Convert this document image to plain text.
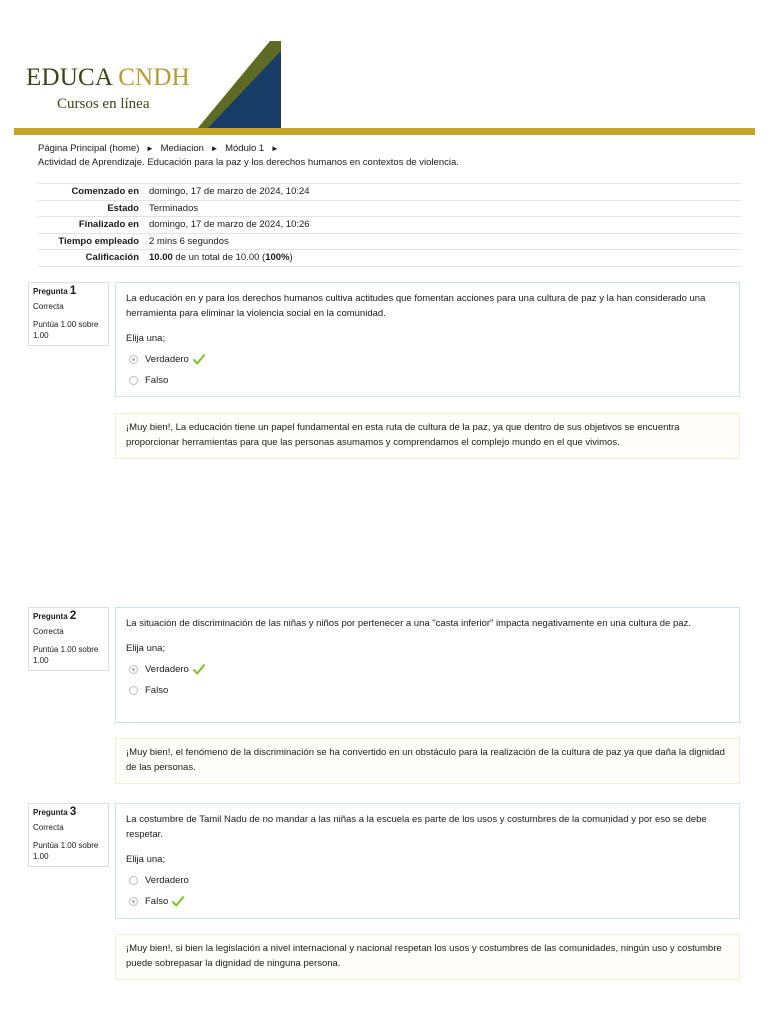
EDUCA CNDH
Cursos en línea
Página Principal (home) ► Mediacion ► Módulo 1 ►
Actividad de Aprendizaje. Educación para la paz y los derechos humanos en contextos de violencia.
Comenzado en	domingo, 17 de marzo de 2024, 10:24
Estado	Terminados
Finalizado en	domingo, 17 de marzo de 2024, 10:26
Tiempo empleado	2 mins 6 segundos
Calificación	10.00 de un total de 10.00 (100%)
Pregunta 1
Correcta
Puntúa 1.00 sobre 1.00
La educación en y para los derechos humanos cultiva actitudes que fomentan acciones para una cultura de paz y la han considerado una herramienta para eliminar la violencia social en la comunidad.
Elija una;
Verdadero
Falso
¡Muy bien!, La educación tiene un papel fundamental en esta ruta de cultura de la paz, ya que dentro de sus objetivos se encuentra proporcionar herramientas para que las personas asumamos y comprendamos el complejo mundo en el que vivimos.
Pregunta 2
Correcta
Puntúa 1.00 sobre 1.00
La situación de discriminación de las niñas y niños por pertenecer a una "casta inferior" impacta negativamente en una cultura de paz.
Elija una;
Verdadero
Falso
¡Muy bien!, el fenómeno de la discriminación se ha convertido en un obstáculo para la realización de la cultura de paz ya que daña la dignidad de las personas.
Pregunta 3
Correcta
Puntúa 1.00 sobre 1.00
La costumbre de Tamil Nadu de no mandar a las niñas a la escuela es parte de los usos y costumbres de la comunidad y por eso se debe respetar.
Elija una;
Verdadero
Falso
¡Muy bien!, si bien la legislación a nivel internacional y nacional respetan los usos y costumbres de las comunidades, ningún uso y costumbre puede sobrepasar la dignidad de ninguna persona.
